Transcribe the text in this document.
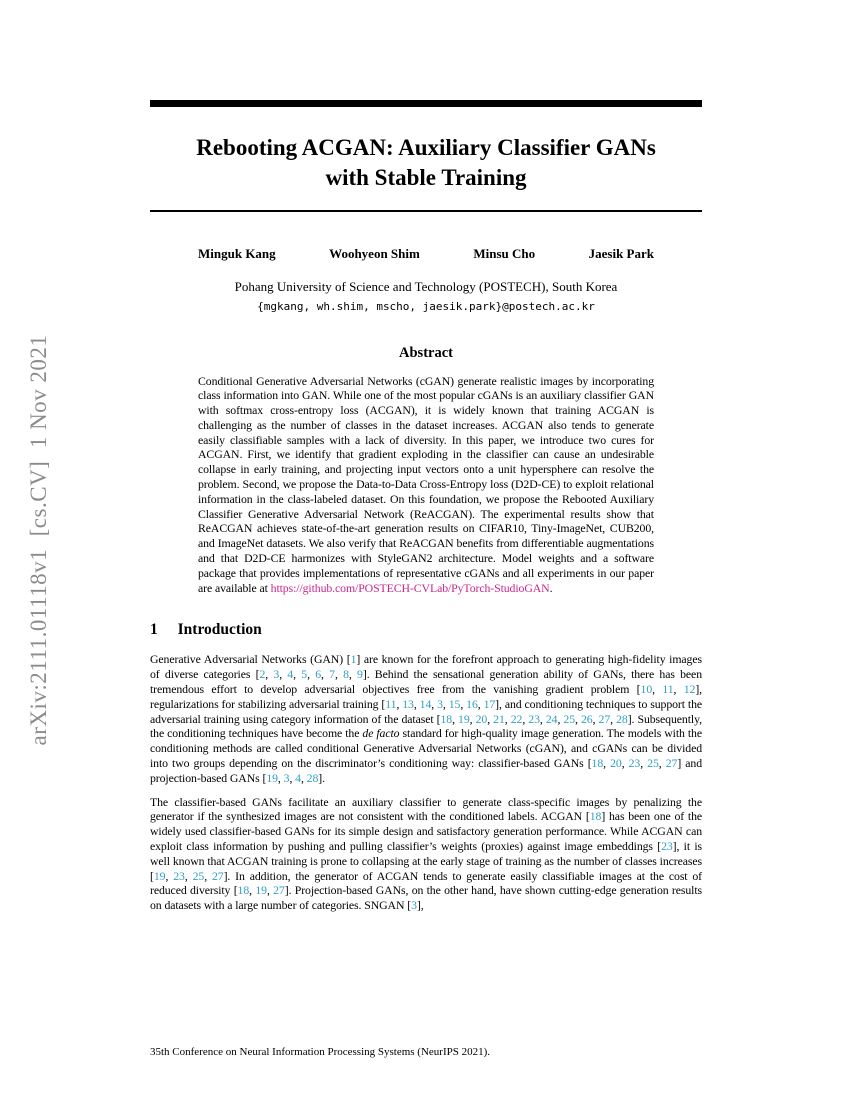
arXiv:2111.01118v1  [cs.CV]  1 Nov 2021
Rebooting ACGAN: Auxiliary Classifier GANs
with Stable Training
Minguk Kang	Woohyeon Shim	Minsu Cho	Jaesik Park
Pohang University of Science and Technology (POSTECH), South Korea
{mgkang, wh.shim, mscho, jaesik.park}@postech.ac.kr
Abstract
Conditional Generative Adversarial Networks (cGAN) generate realistic images by incorporating class information into GAN. While one of the most popular cGANs is an auxiliary classifier GAN with softmax cross-entropy loss (ACGAN), it is widely known that training ACGAN is challenging as the number of classes in the dataset increases. ACGAN also tends to generate easily classifiable samples with a lack of diversity. In this paper, we introduce two cures for ACGAN. First, we identify that gradient exploding in the classifier can cause an undesirable collapse in early training, and projecting input vectors onto a unit hypersphere can resolve the problem. Second, we propose the Data-to-Data Cross-Entropy loss (D2D-CE) to exploit relational information in the class-labeled dataset. On this foundation, we propose the Rebooted Auxiliary Classifier Generative Adversarial Network (ReACGAN). The experimental results show that ReACGAN achieves state-of-the-art generation results on CIFAR10, Tiny-ImageNet, CUB200, and ImageNet datasets. We also verify that ReACGAN benefits from differentiable augmentations and that D2D-CE harmonizes with StyleGAN2 architecture. Model weights and a software package that provides implementations of representative cGANs and all experiments in our paper are available at https://github.com/POSTECH-CVLab/PyTorch-StudioGAN.
1 Introduction
Generative Adversarial Networks (GAN) [1] are known for the forefront approach to generating high-fidelity images of diverse categories [2, 3, 4, 5, 6, 7, 8, 9]. Behind the sensational generation ability of GANs, there has been tremendous effort to develop adversarial objectives free from the vanishing gradient problem [10, 11, 12], regularizations for stabilizing adversarial training [11, 13, 14, 3, 15, 16, 17], and conditioning techniques to support the adversarial training using category information of the dataset [18, 19, 20, 21, 22, 23, 24, 25, 26, 27, 28]. Subsequently, the conditioning techniques have become the de facto standard for high-quality image generation. The models with the conditioning methods are called conditional Generative Adversarial Networks (cGAN), and cGANs can be divided into two groups depending on the discriminator’s conditioning way: classifier-based GANs [18, 20, 23, 25, 27] and projection-based GANs [19, 3, 4, 28].
The classifier-based GANs facilitate an auxiliary classifier to generate class-specific images by penalizing the generator if the synthesized images are not consistent with the conditioned labels. ACGAN [18] has been one of the widely used classifier-based GANs for its simple design and satisfactory generation performance. While ACGAN can exploit class information by pushing and pulling classifier’s weights (proxies) against image embeddings [23], it is well known that ACGAN training is prone to collapsing at the early stage of training as the number of classes increases [19, 23, 25, 27]. In addition, the generator of ACGAN tends to generate easily classifiable images at the cost of reduced diversity [18, 19, 27]. Projection-based GANs, on the other hand, have shown cutting-edge generation results on datasets with a large number of categories. SNGAN [3],
35th Conference on Neural Information Processing Systems (NeurIPS 2021).
